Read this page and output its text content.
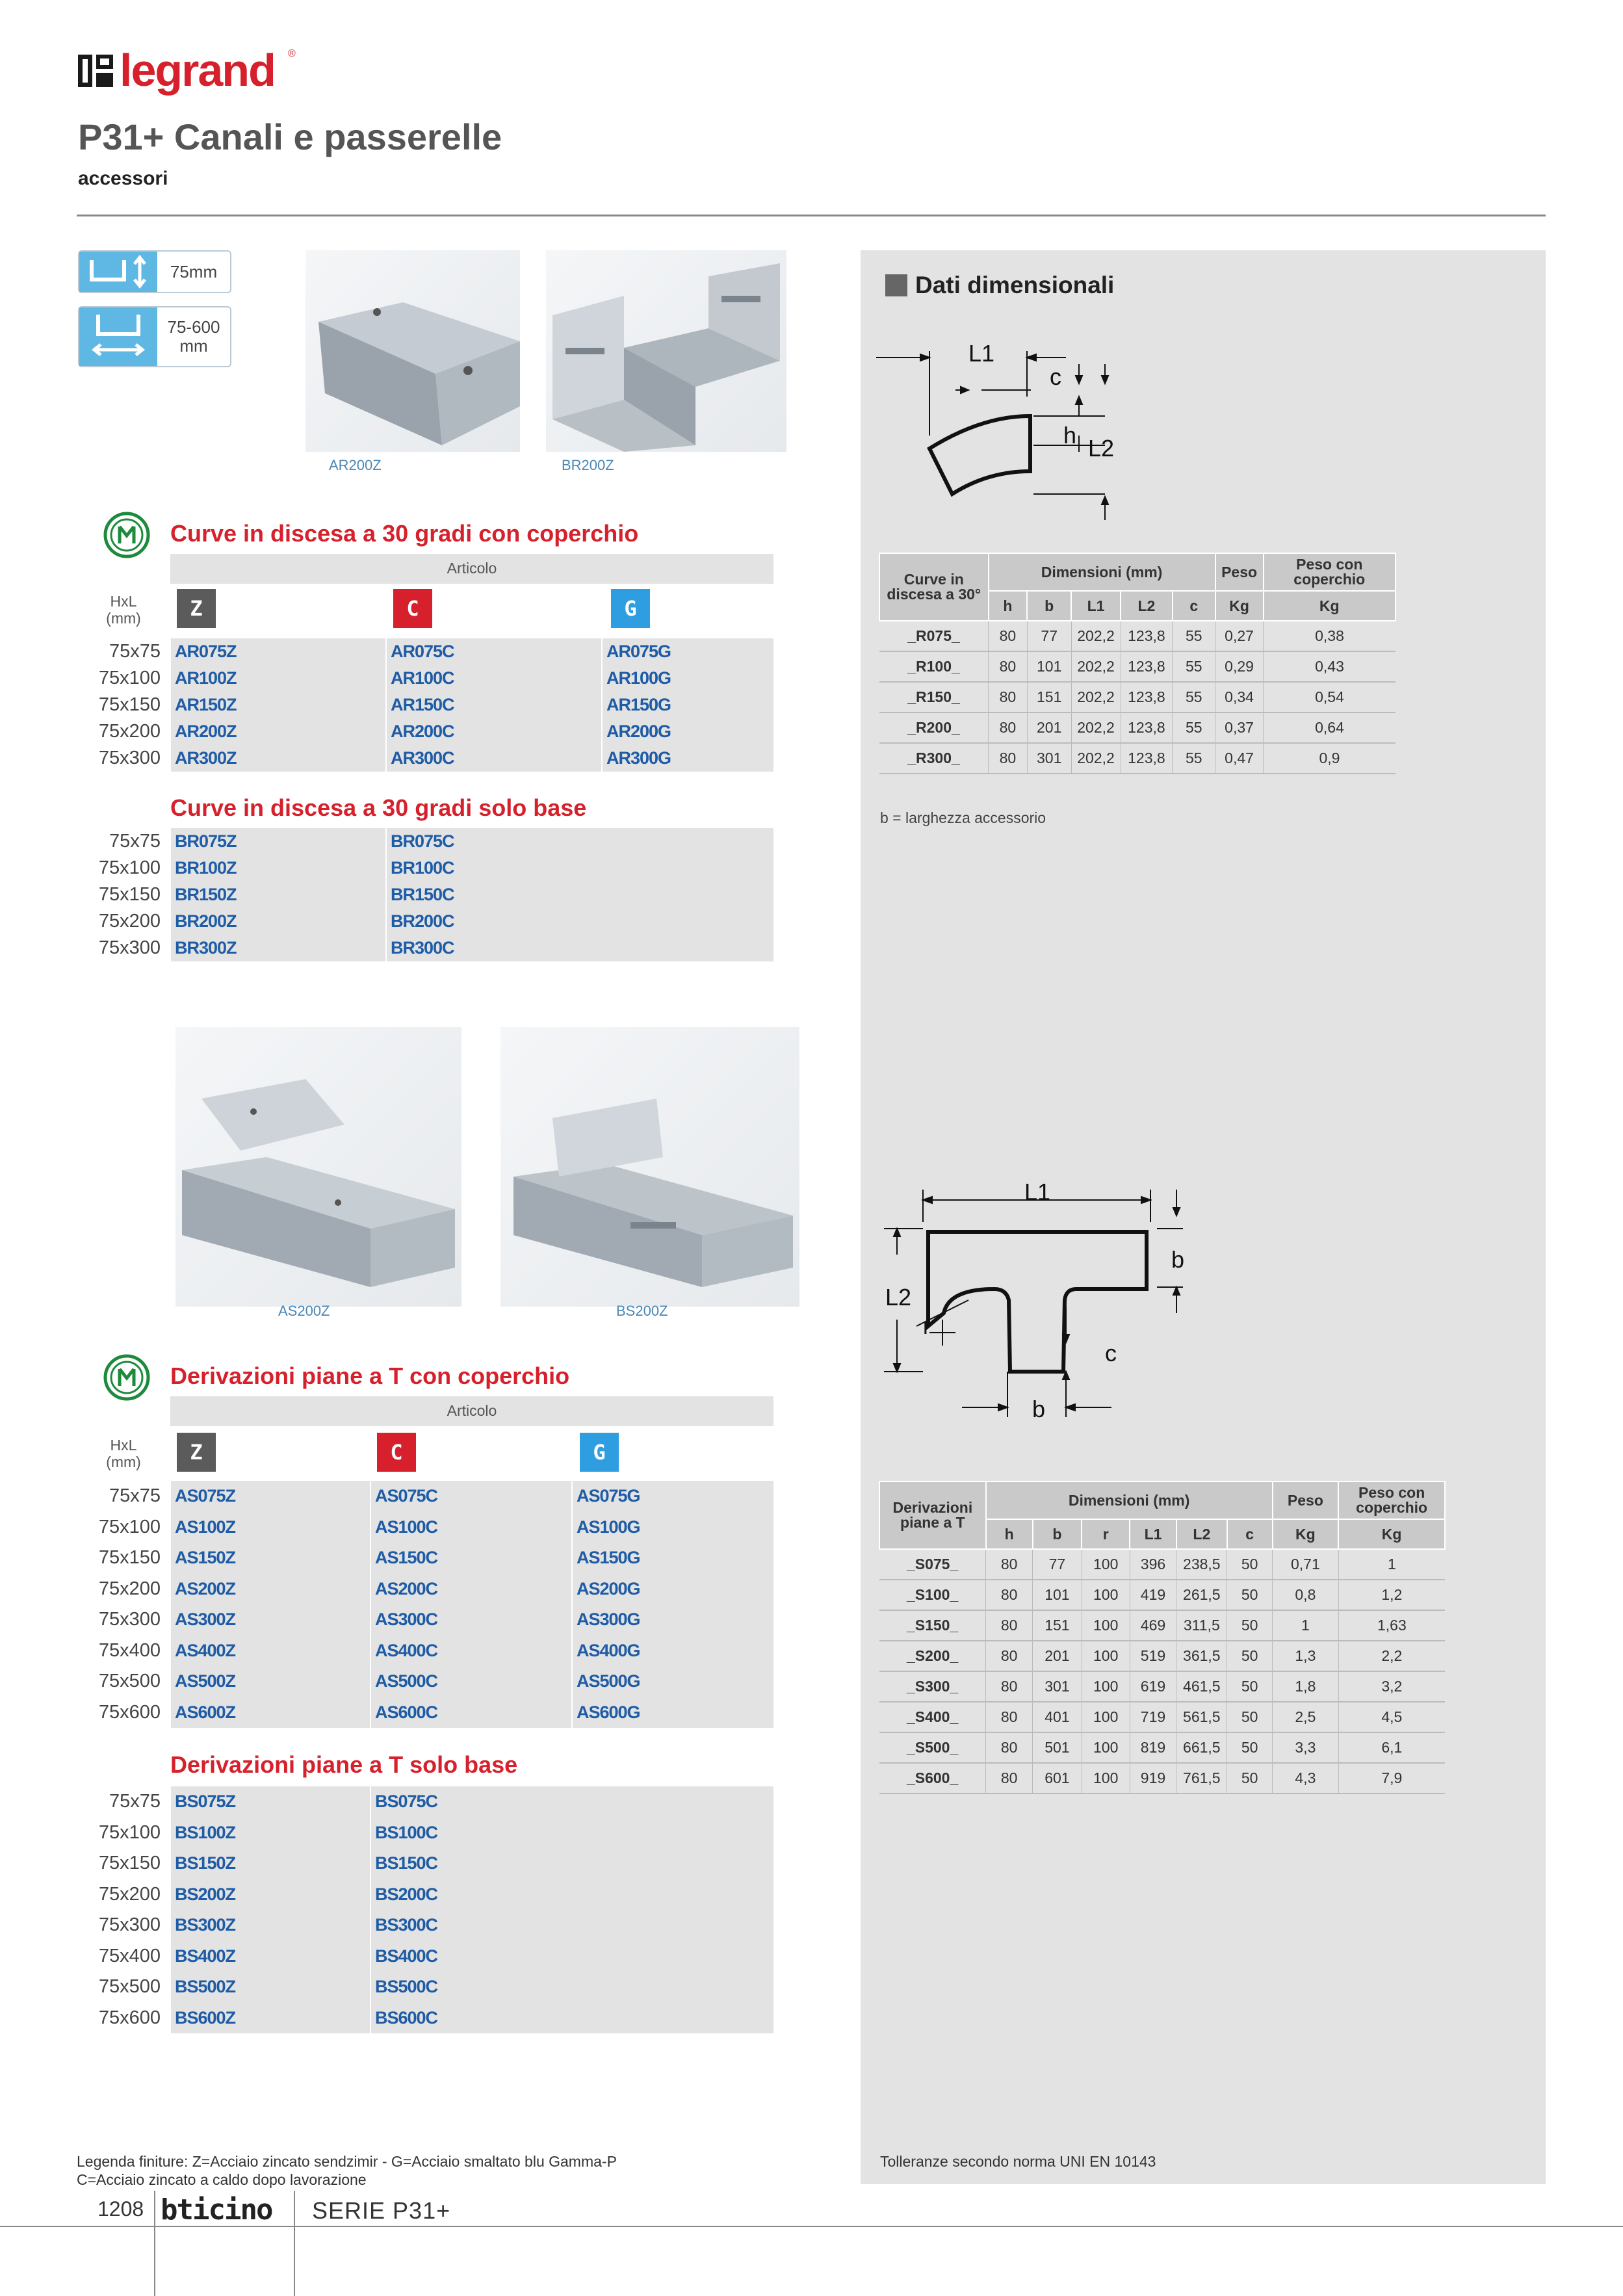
legrand ®
P31+ Canali e passerelle
accessori
75mm
75-600 mm
AR200Z	BR200Z
Curve in discesa a 30 gradi con coperchio
Articolo
HxL
(mm)	Z	C	G
75x75	AR075Z	AR075C	AR075G
75x100	AR100Z	AR100C	AR100G
75x150	AR150Z	AR150C	AR150G
75x200	AR200Z	AR200C	AR200G
75x300	AR300Z	AR300C	AR300G
Curve in discesa a 30 gradi solo base
75x75	BR075Z	BR075C
75x100	BR100Z	BR100C
75x150	BR150Z	BR150C
75x200	BR200Z	BR200C
75x300	BR300Z	BR300C
AS200Z	BS200Z
Derivazioni piane a T con coperchio
Articolo
HxL
(mm)	Z	C	G
75x75	AS075Z	AS075C	AS075G
75x100	AS100Z	AS100C	AS100G
75x150	AS150Z	AS150C	AS150G
75x200	AS200Z	AS200C	AS200G
75x300	AS300Z	AS300C	AS300G
75x400	AS400Z	AS400C	AS400G
75x500	AS500Z	AS500C	AS500G
75x600	AS600Z	AS600C	AS600G
Derivazioni piane a T solo base
75x75	BS075Z	BS075C
75x100	BS100Z	BS100C
75x150	BS150Z	BS150C
75x200	BS200Z	BS200C
75x300	BS300Z	BS300C
75x400	BS400Z	BS400C
75x500	BS500Z	BS500C
75x600	BS600Z	BS600C
Dati dimensionali
L1
c
h L2
Curve in discesa a 30°	Dimensioni (mm)					Peso	Peso con coperchio
	h	b	L1	L2	c	Kg	Kg
_R075_	80	77	202,2	123,8	55	0,27	0,38
_R100_	80	101	202,2	123,8	55	0,29	0,43
_R150_	80	151	202,2	123,8	55	0,34	0,54
_R200_	80	201	202,2	123,8	55	0,37	0,64
_R300_	80	301	202,2	123,8	55	0,47	0,9
b = larghezza accessorio
L1
b
L2
r
c
b
Derivazioni piane a T	Dimensioni (mm)						Peso	Peso con coperchio
	h	b	r	L1	L2	c	Kg	Kg
_S075_	80	77	100	396	238,5	50	0,71	1
_S100_	80	101	100	419	261,5	50	0,8	1,2
_S150_	80	151	100	469	311,5	50	1	1,63
_S200_	80	201	100	519	361,5	50	1,3	2,2
_S300_	80	301	100	619	461,5	50	1,8	3,2
_S400_	80	401	100	719	561,5	50	2,5	4,5
_S500_	80	501	100	819	661,5	50	3,3	6,1
_S600_	80	601	100	919	761,5	50	4,3	7,9
Tolleranze secondo norma UNI EN 10143
Legenda finiture: Z=Acciaio zincato sendzimir - G=Acciaio smaltato blu Gamma-P
C=Acciaio zincato a caldo dopo lavorazione
1208 bticino	SERIE P31+
